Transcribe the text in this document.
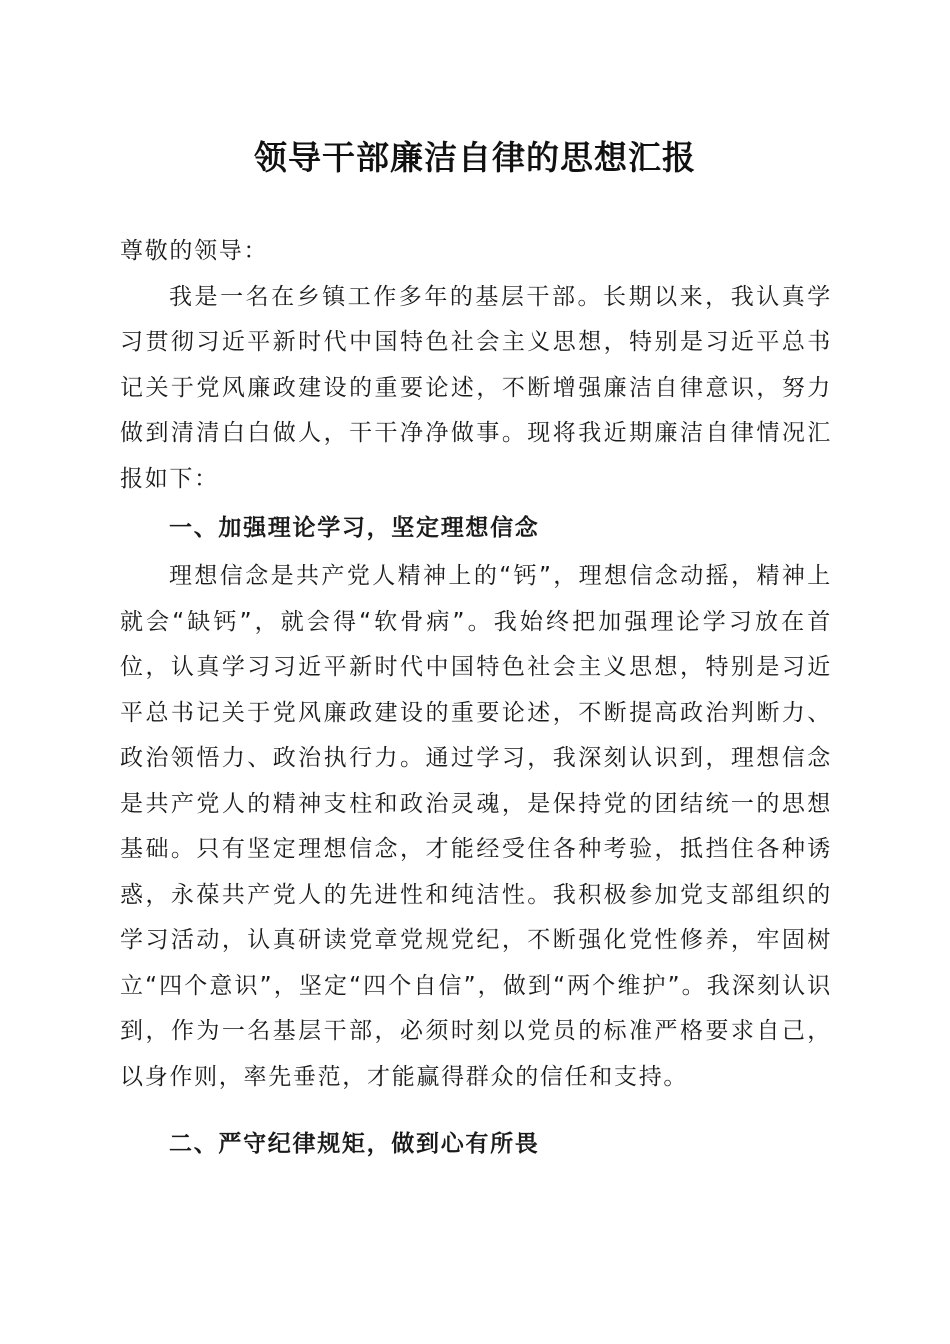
领导干部廉洁自律的思想汇报

尊敬的领导：

我是一名在乡镇工作多年的基层干部。长期以来，我认真学习贯彻习近平新时代中国特色社会主义思想，特别是习近平总书记关于党风廉政建设的重要论述，不断增强廉洁自律意识，努力做到清清白白做人，干干净净做事。现将我近期廉洁自律情况汇报如下：

一、加强理论学习，坚定理想信念

理想信念是共产党人精神上的“钙”，理想信念动摇，精神上就会“缺钙”，就会得“软骨病”。我始终把加强理论学习放在首位，认真学习习近平新时代中国特色社会主义思想，特别是习近平总书记关于党风廉政建设的重要论述，不断提高政治判断力、政治领悟力、政治执行力。通过学习，我深刻认识到，理想信念是共产党人的精神支柱和政治灵魂，是保持党的团结统一的思想基础。只有坚定理想信念，才能经受住各种考验，抵挡住各种诱惑，永葆共产党人的先进性和纯洁性。我积极参加党支部组织的学习活动，认真研读党章党规党纪，不断强化党性修养，牢固树立“四个意识”，坚定“四个自信”，做到“两个维护”。我深刻认识到，作为一名基层干部，必须时刻以党员的标准严格要求自己，以身作则，率先垂范，才能赢得群众的信任和支持。

二、严守纪律规矩，做到心有所畏
